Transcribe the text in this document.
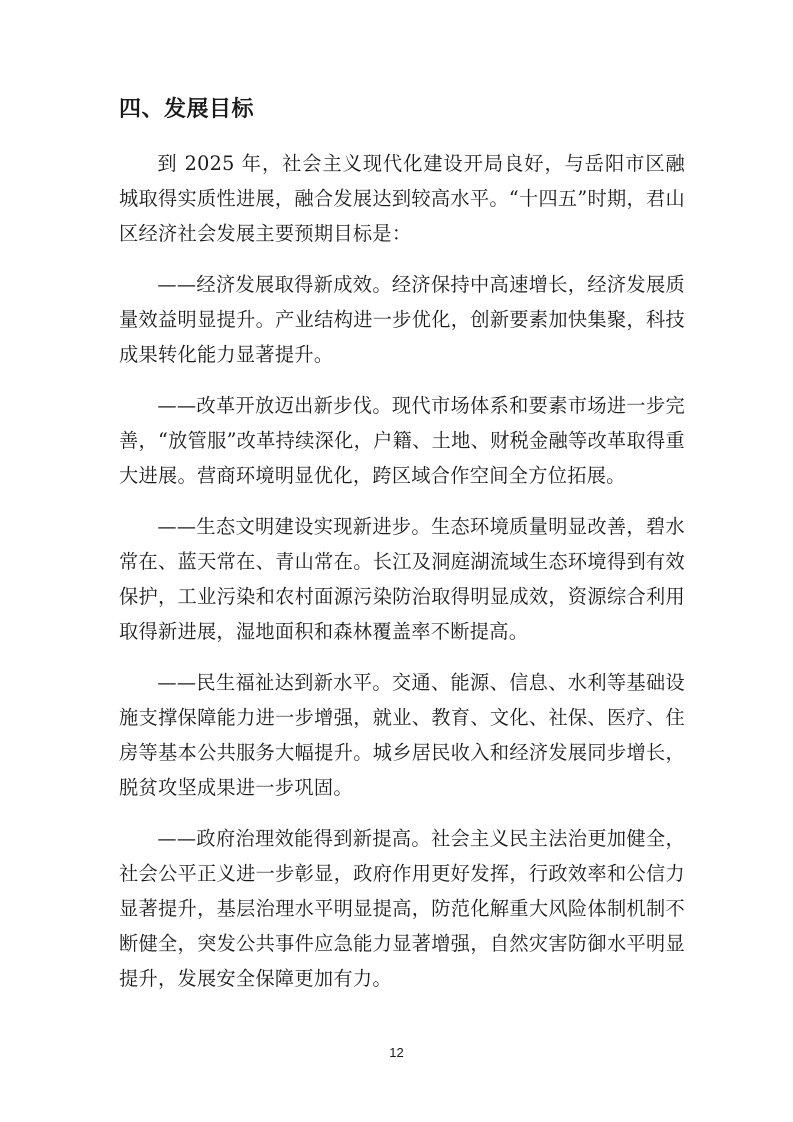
四、发展目标

到 2025 年，社会主义现代化建设开局良好，与岳阳市区融城取得实质性进展，融合发展达到较高水平。“十四五”时期，君山区经济社会发展主要预期目标是：

——经济发展取得新成效。经济保持中高速增长，经济发展质量效益明显提升。产业结构进一步优化，创新要素加快集聚，科技成果转化能力显著提升。

——改革开放迈出新步伐。现代市场体系和要素市场进一步完善，“放管服”改革持续深化，户籍、土地、财税金融等改革取得重大进展。营商环境明显优化，跨区域合作空间全方位拓展。

——生态文明建设实现新进步。生态环境质量明显改善，碧水常在、蓝天常在、青山常在。长江及洞庭湖流域生态环境得到有效保护，工业污染和农村面源污染防治取得明显成效，资源综合利用取得新进展，湿地面积和森林覆盖率不断提高。

——民生福祉达到新水平。交通、能源、信息、水利等基础设施支撑保障能力进一步增强，就业、教育、文化、社保、医疗、住房等基本公共服务大幅提升。城乡居民收入和经济发展同步增长，脱贫攻坚成果进一步巩固。

——政府治理效能得到新提高。社会主义民主法治更加健全，社会公平正义进一步彰显，政府作用更好发挥，行政效率和公信力显著提升，基层治理水平明显提高，防范化解重大风险体制机制不断健全，突发公共事件应急能力显著增强，自然灾害防御水平明显提升，发展安全保障更加有力。

12
